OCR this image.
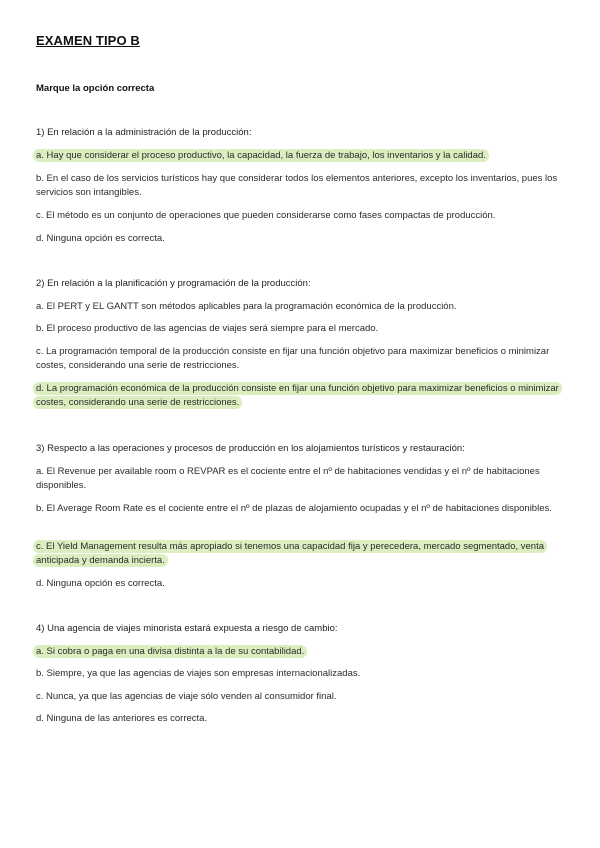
EXAMEN TIPO B

Marque la opción correcta

1) En relación a la administración de la producción:

a. Hay que considerar el proceso productivo, la capacidad, la fuerza de trabajo, los inventarios y la calidad.

b. En el caso de los servicios turísticos hay que considerar todos los elementos anteriores, excepto los inventarios, pues los servicios son intangibles.

c. El método es un conjunto de operaciones que pueden considerarse como fases compactas de producción.

d. Ninguna opción es correcta.

2) En relación a la planificación y programación de la producción:

a. El PERT y EL GANTT son métodos aplicables para la programación económica de la producción.

b. El proceso productivo de las agencias de viajes será siempre para el mercado.

c. La programación temporal de la producción consiste en fijar una función objetivo para maximizar beneficios o minimizar costes, considerando una serie de restricciones.

d. La programación económica de la producción consiste en fijar una función objetivo para maximizar beneficios o minimizar costes, considerando una serie de restricciones.

3) Respecto a las operaciones y procesos de producción en los alojamientos turísticos y restauración:

a. El Revenue per available room o REVPAR es el cociente entre el nº de habitaciones vendidas y el nº de habitaciones disponibles.

b. El Average Room Rate es el cociente entre el nº de plazas de alojamiento ocupadas y el nº de habitaciones disponibles.

c. El Yield Management resulta más apropiado si tenemos una capacidad fija y perecedera, mercado segmentado, venta anticipada y demanda incierta.

d. Ninguna opción es correcta.

4) Una agencia de viajes minorista estará expuesta a riesgo de cambio:

a. Si cobra o paga en una divisa distinta a la de su contabilidad.

b. Siempre, ya que las agencias de viajes son empresas internacionalizadas.

c. Nunca, ya que las agencias de viaje sólo venden al consumidor final.

d. Ninguna de las anteriores es correcta.
